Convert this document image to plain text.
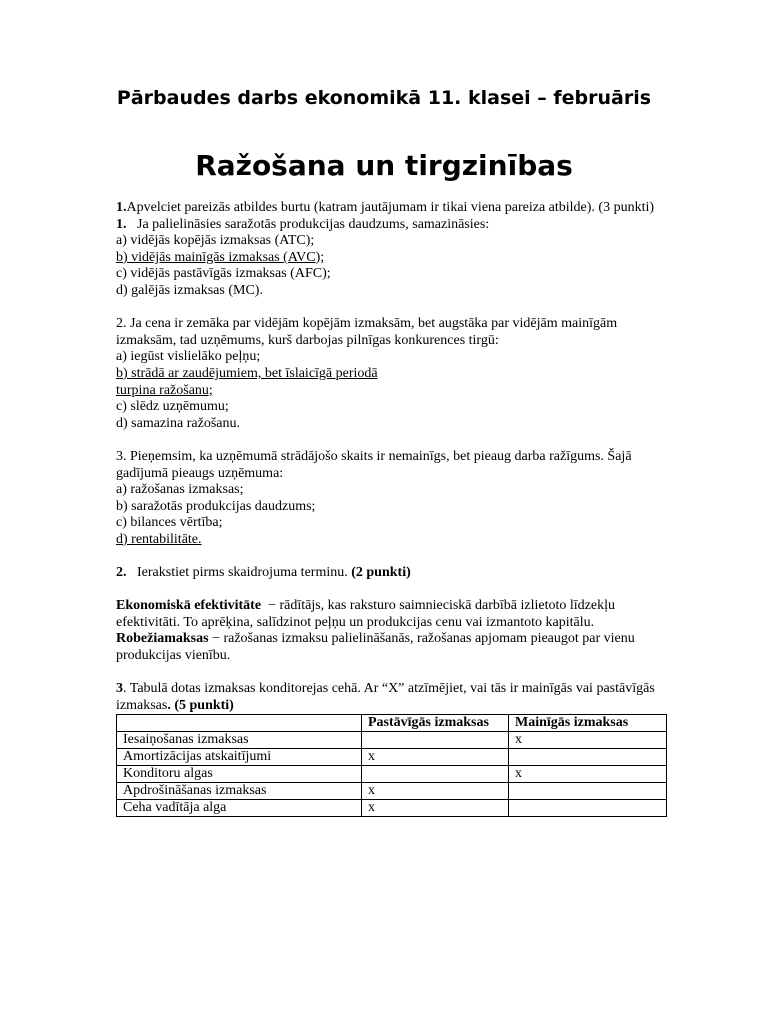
Pārbaudes darbs ekonomikā 11. klasei – februāris
Ražošana un tirgzinības

1.Apvelciet pareizās atbildes burtu (katram jautājumam ir tikai viena pareiza atbilde). (3 punkti)

1.   Ja palielināsies saražotās produkcijas daudzums, samazināsies:

a) vidējās kopējās izmaksas (ATC);

b) vidējās mainīgās izmaksas (AVC);

c) vidējās pastāvīgās izmaksas (AFC);

d) galējās izmaksas (MC).

2. Ja cena ir zemāka par vidējām kopējām izmaksām, bet augstāka par vidējām mainīgām izmaksām, tad uzņēmums, kurš darbojas pilnīgas konkurences tirgū:

a) iegūst vislielāko peļņu;

b) strādā ar zaudējumiem, bet īslaicīgā periodā

turpina ražošanu;

c) slēdz uzņēmumu;

d) samazina ražošanu.

3. Pieņemsim, ka uzņēmumā strādājošo skaits ir nemainīgs, bet pieaug darba ražīgums. Šajā gadījumā pieaugs uzņēmuma:

a) ražošanas izmaksas;

b) saražotās produkcijas daudzums;

c) bilances vērtība;

d) rentabilitāte.

2.   Ierakstiet pirms skaidrojuma terminu. (2 punkti)

Ekonomiskā efektivitāte  − rādītājs, kas raksturo saimnieciskā darbībā izlietoto līdzekļu efektivitāti. To aprēķina, salīdzinot peļņu un produkcijas cenu vai izmantoto kapitālu.

Robežiamaksas − ražošanas izmaksu palielināšanās, ražošanas apjomam pieaugot par vienu produkcijas vienību.

3. Tabulā dotas izmaksas konditorejas cehā. Ar “X” atzīmējiet, vai tās ir mainīgās vai pastāvīgās izmaksas. (5 punkti)

	Pastāvīgās izmaksas	Mainīgās izmaksas
Iesaiņošanas izmaksas		x
Amortizācijas atskaitījumi	x	
Konditoru algas		x
Apdrošināšanas izmaksas	x	
Ceha vadītāja alga	x	
